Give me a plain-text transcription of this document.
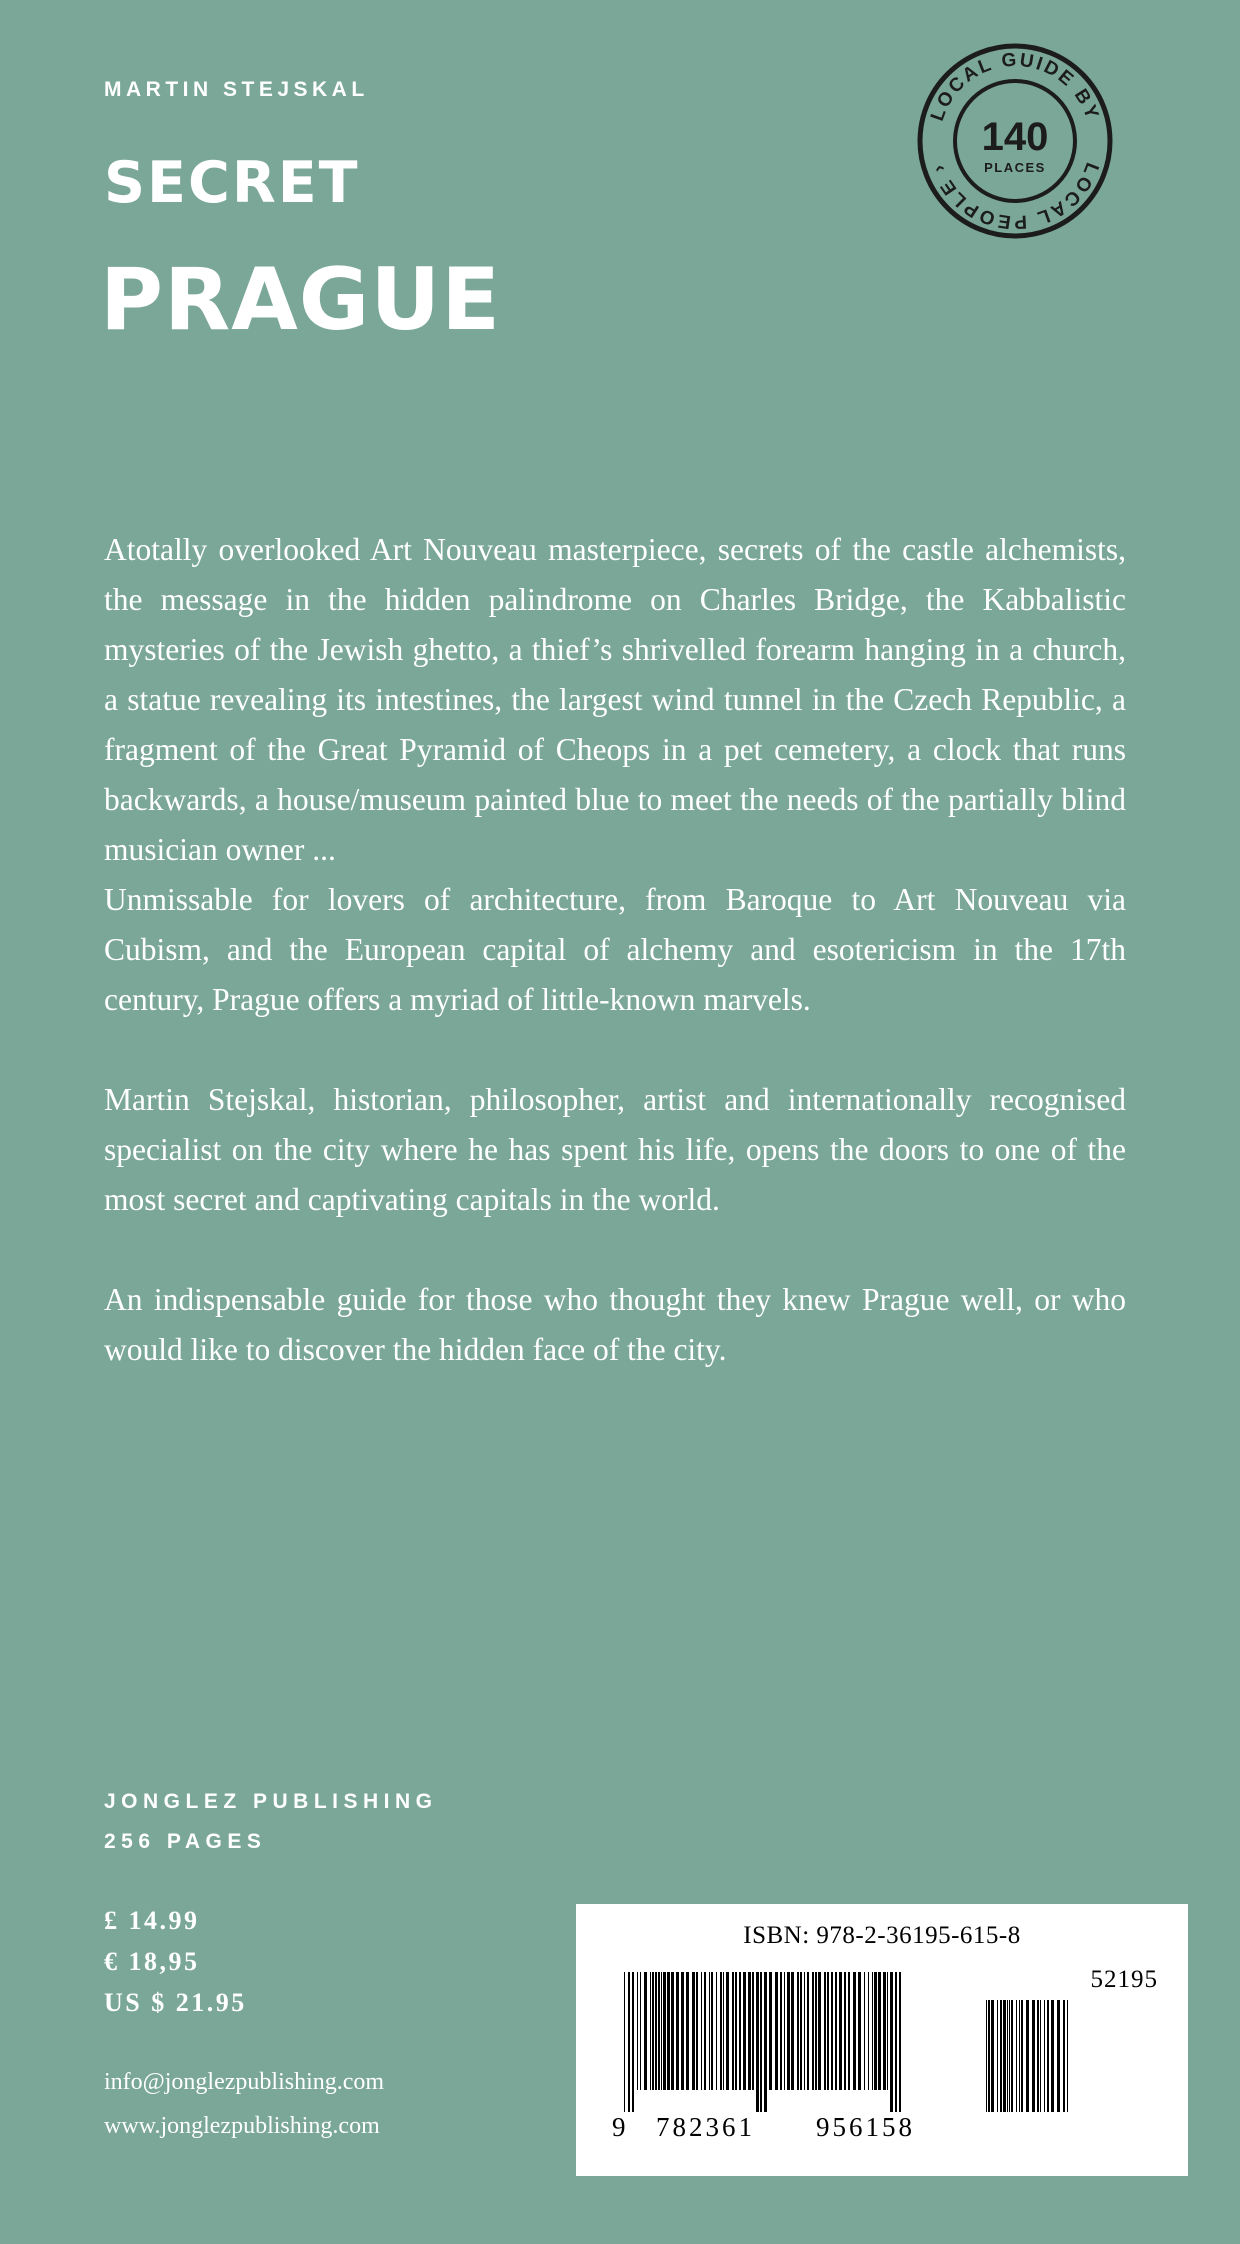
MARTIN STEJSKAL
SECRET
PRAGUE
LOCAL GUIDE BY
LOCAL PEOPLE ›
140
PLACES

Atotally overlooked Art Nouveau masterpiece, secrets of the castle alchemists, the message in the hidden palindrome on Charles Bridge, the Kabbalistic mysteries of the Jewish ghetto, a thief’s shrivelled forearm hanging in a church, a statue revealing its intestines, the largest wind tunnel in the Czech Republic, a fragment of the Great Pyramid of Cheops in a pet cemetery, a clock that runs backwards, a house/museum painted blue to meet the needs of the partially blind musician owner ...

Unmissable for lovers of architecture, from Baroque to Art Nouveau via Cubism, and the European capital of alchemy and esotericism in the 17th century, Prague offers a myriad of little-known marvels.

Martin Stejskal, historian, philosopher, artist and internationally recognised specialist on the city where he has spent his life, opens the doors to one of the most secret and captivating capitals in the world.

An indispensable guide for those who thought they knew Prague well, or who would like to discover the hidden face of the city.

JONGLEZ PUBLISHING
256 PAGES
£ 14.99
€ 18,95
US $ 21.95
info@jonglezpublishing.com
www.jonglezpublishing.com
ISBN: 978-2-36195-615-8
52195
9 782361 956158
